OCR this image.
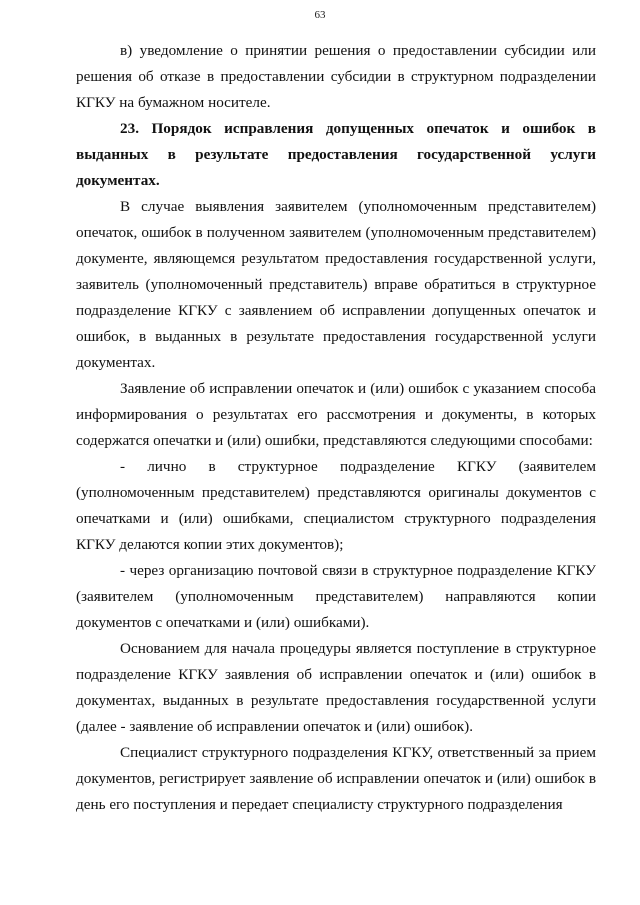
63

в) уведомление о принятии решения о предоставлении субсидии или решения об отказе в предоставлении субсидии в структурном подразделении КГКУ на бумажном носителе.

23. Порядок исправления допущенных опечаток и ошибок в выданных в результате предоставления государственной услуги документах.

В случае выявления заявителем (уполномоченным представителем) опечаток, ошибок в полученном заявителем (уполномоченным представителем) документе, являющемся результатом предоставления государственной услуги, заявитель (уполномоченный представитель) вправе обратиться в структурное подразделение КГКУ с заявлением об исправлении допущенных опечаток и ошибок, в выданных в результате предоставления государственной услуги документах.

Заявление об исправлении опечаток и (или) ошибок с указанием способа информирования о результатах его рассмотрения и документы, в которых содержатся опечатки и (или) ошибки, представляются следующими способами:

- лично в структурное подразделение КГКУ (заявителем (уполномоченным представителем) представляются оригиналы документов с опечатками и (или) ошибками, специалистом структурного подразделения КГКУ делаются копии этих документов);

- через организацию почтовой связи в структурное подразделение КГКУ (заявителем (уполномоченным представителем) направляются копии документов с опечатками и (или) ошибками).

Основанием для начала процедуры является поступление в структурное подразделение КГКУ заявления об исправлении опечаток и (или) ошибок в документах, выданных в результате предоставления государственной услуги (далее - заявление об исправлении опечаток и (или) ошибок).

Специалист структурного подразделения КГКУ, ответственный за прием документов, регистрирует заявление об исправлении опечаток и (или) ошибок в день его поступления и передает специалисту структурного подразделения
